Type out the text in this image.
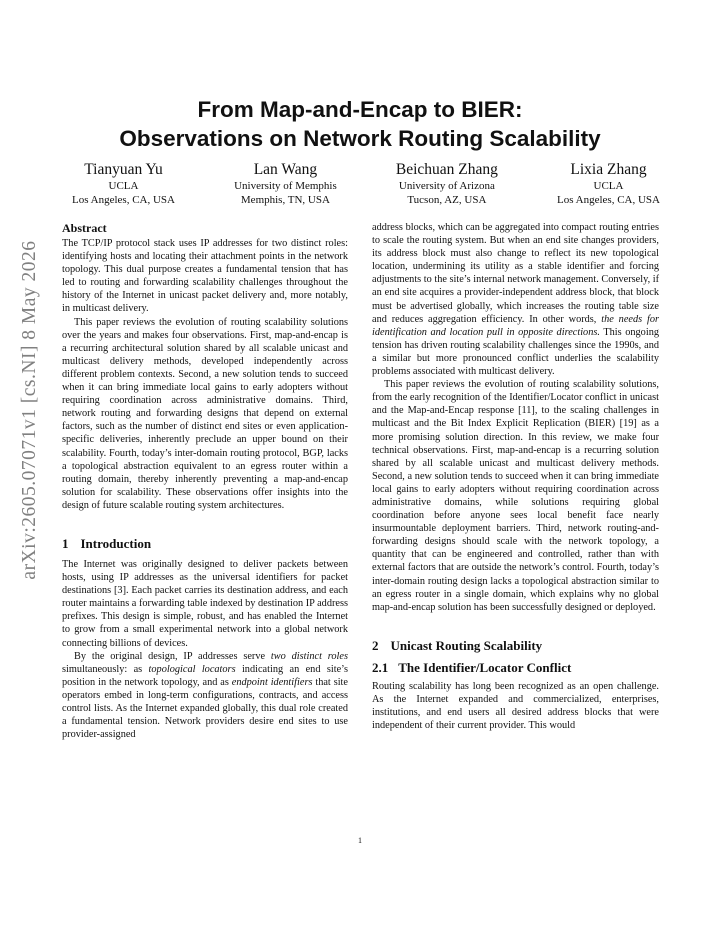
arXiv:2605.07071v1 [cs.NI] 8 May 2026
From Map-and-Encap to BIER:
Observations on Network Routing Scalability
Tianyuan Yu
UCLA
Los Angeles, CA, USA
Lan Wang
University of Memphis
Memphis, TN, USA
Beichuan Zhang
University of Arizona
Tucson, AZ, USA
Lixia Zhang
UCLA
Los Angeles, CA, USA
Abstract

The TCP/IP protocol stack uses IP addresses for two distinct roles: identifying hosts and locating their attachment points in the network topology. This dual purpose creates a fundamental tension that has led to routing and forwarding scalability challenges throughout the history of the Internet in unicast packet delivery and, more notably, in multicast delivery.

This paper reviews the evolution of routing scalability solutions over the years and makes four observations. First, map-and-encap is a recurring architectural solution shared by all scalable unicast and multicast delivery methods, developed independently across different problem contexts. Second, a new solution tends to succeed when it can bring immediate local gains to early adopters without requiring coordination across administrative domains. Third, network routing and forwarding designs that depend on external factors, such as the number of distinct end sites or even application-specific deliveries, inherently preclude an upper bound on their scalability. Fourth, today’s inter-domain routing protocol, BGP, lacks a topological abstraction equivalent to an egress router within a routing domain, thereby inherently preventing a map-and-encap solution for scalability. These observations offer insights into the design of future scalable routing system architectures.

1 Introduction

The Internet was originally designed to deliver packets between hosts, using IP addresses as the universal identifiers for packet destinations [3]. Each packet carries its destination address, and each router maintains a forwarding table indexed by destination IP address prefixes. This design is simple, robust, and has enabled the Internet to grow from a small experimental network into a global network connecting billions of devices.

By the original design, IP addresses serve two distinct roles simultaneously: as topological locators indicating an end site’s position in the network topology, and as endpoint identifiers that site operators embed in long-term configurations, contracts, and access control lists. As the Internet expanded globally, this dual role created a fundamental tension. Network providers desire end sites to use provider-assigned

address blocks, which can be aggregated into compact routing entries to scale the routing system. But when an end site changes providers, its address block must also change to reflect its new topological location, undermining its utility as a stable identifier and forcing adjustments to the site’s internal network management. Conversely, if an end site acquires a provider-independent address block, that block must be advertised globally, which increases the routing table size and reduces aggregation efficiency. In other words, the needs for identification and location pull in opposite directions. This ongoing tension has driven routing scalability challenges since the 1990s, and a similar but more pronounced conflict underlies the scalability problems associated with multicast delivery.

This paper reviews the evolution of routing scalability solutions, from the early recognition of the Identifier/Locator conflict in unicast and the Map-and-Encap response [11], to the scaling challenges in multicast and the Bit Index Explicit Replication (BIER) [19] as a more promising solution direction. In this review, we make four technical observations. First, map-and-encap is a recurring solution shared by all scalable unicast and multicast delivery methods. Second, a new solution tends to succeed when it can bring immediate local gains to early adopters without requiring coordination across administrative domains, while solutions requiring global coordination before anyone sees local benefit face nearly insurmountable deployment barriers. Third, network routing-and-forwarding designs should scale with the network topology, a quantity that can be engineered and controlled, rather than with external factors that are outside the network’s control. Fourth, today’s inter-domain routing design lacks a topological abstraction similar to an egress router in a single domain, which explains why no global map-and-encap solution has been successfully designed or deployed.

2 Unicast Routing Scalability
2.1 The Identifier/Locator Conflict

Routing scalability has long been recognized as an open challenge. As the Internet expanded and commercialized, enterprises, institutions, and end users all desired address blocks that were independent of their current provider. This would

1
